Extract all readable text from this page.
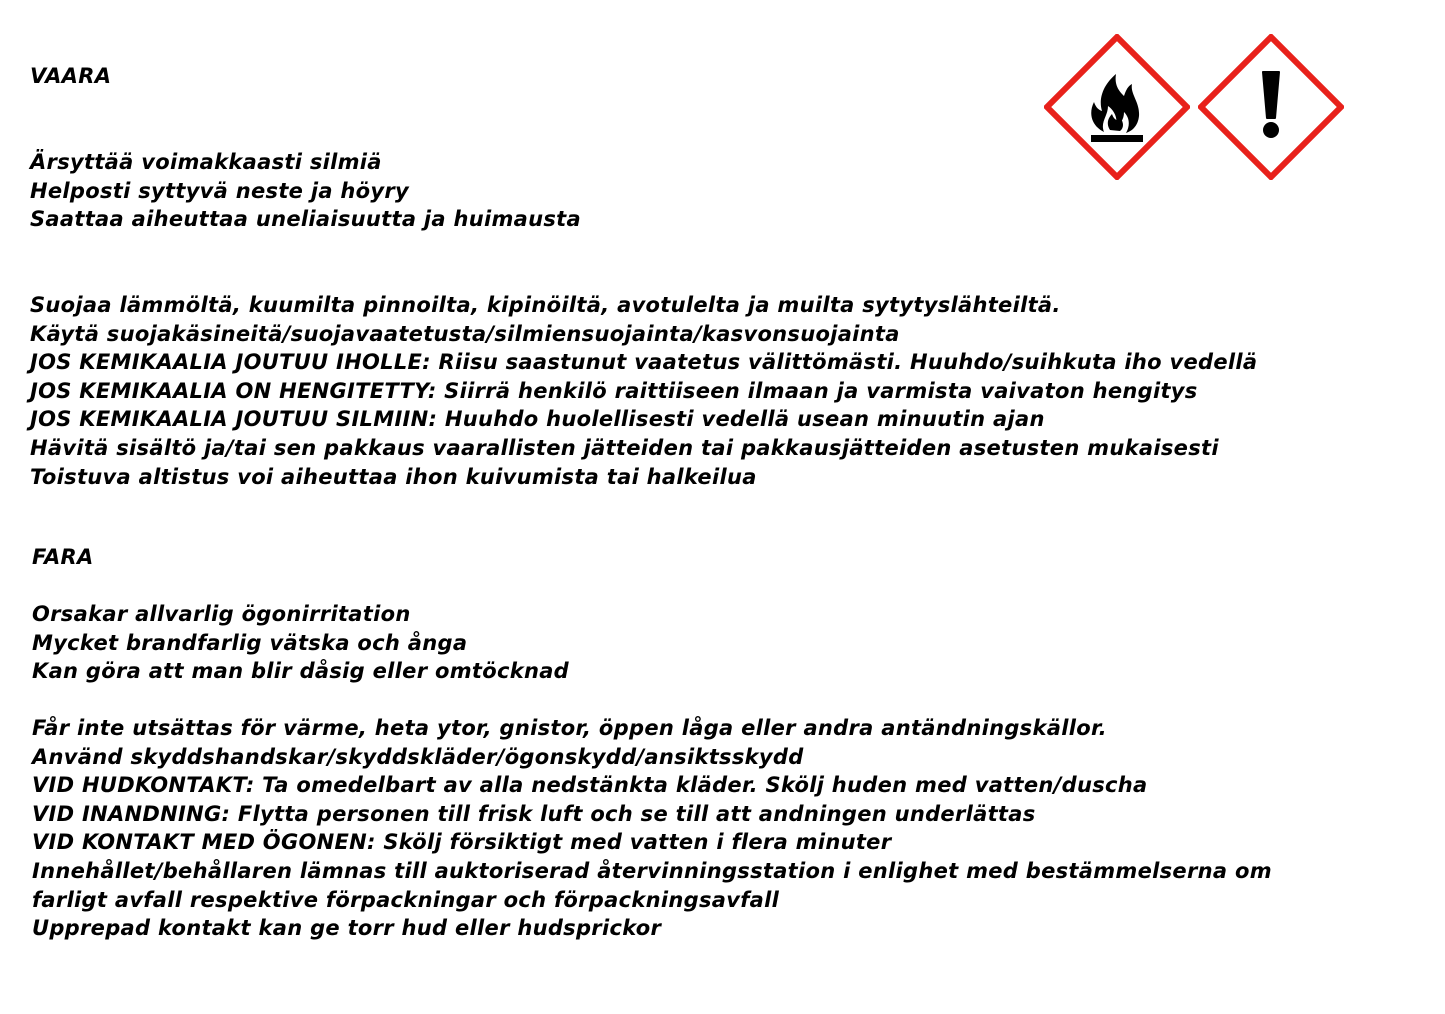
VAARA
Ärsyttää voimakkaasti silmiä
Helposti syttyvä neste ja höyry
Saattaa aiheuttaa uneliaisuutta ja huimausta
Suojaa lämmöltä, kuumilta pinnoilta, kipinöiltä, avotulelta ja muilta sytytyslähteiltä.
Käytä suojakäsineitä/suojavaatetusta/silmiensuojainta/kasvonsuojainta
JOS KEMIKAALIA JOUTUU IHOLLE: Riisu saastunut vaatetus välittömästi. Huuhdo/suihkuta iho vedellä
JOS KEMIKAALIA ON HENGITETTY: Siirrä henkilö raittiiseen ilmaan ja varmista vaivaton hengitys
JOS KEMIKAALIA JOUTUU SILMIIN: Huuhdo huolellisesti vedellä usean minuutin ajan
Hävitä sisältö ja/tai sen pakkaus vaarallisten jätteiden tai pakkausjätteiden asetusten mukaisesti
Toistuva altistus voi aiheuttaa ihon kuivumista tai halkeilua
FARA
Orsakar allvarlig ögonirritation
Mycket brandfarlig vätska och ånga
Kan göra att man blir dåsig eller omtöcknad
Får inte utsättas för värme, heta ytor, gnistor, öppen låga eller andra antändningskällor.
Använd skyddshandskar/skyddskläder/ögonskydd/ansiktsskydd
VID HUDKONTAKT: Ta omedelbart av alla nedstänkta kläder. Skölj huden med vatten/duscha
VID INANDNING: Flytta personen till frisk luft och se till att andningen underlättas
VID KONTAKT MED ÖGONEN: Skölj försiktigt med vatten i flera minuter
Innehållet/behållaren lämnas till auktoriserad återvinningsstation i enlighet med bestämmelserna om
farligt avfall respektive förpackningar och förpackningsavfall
Upprepad kontakt kan ge torr hud eller hudsprickor
